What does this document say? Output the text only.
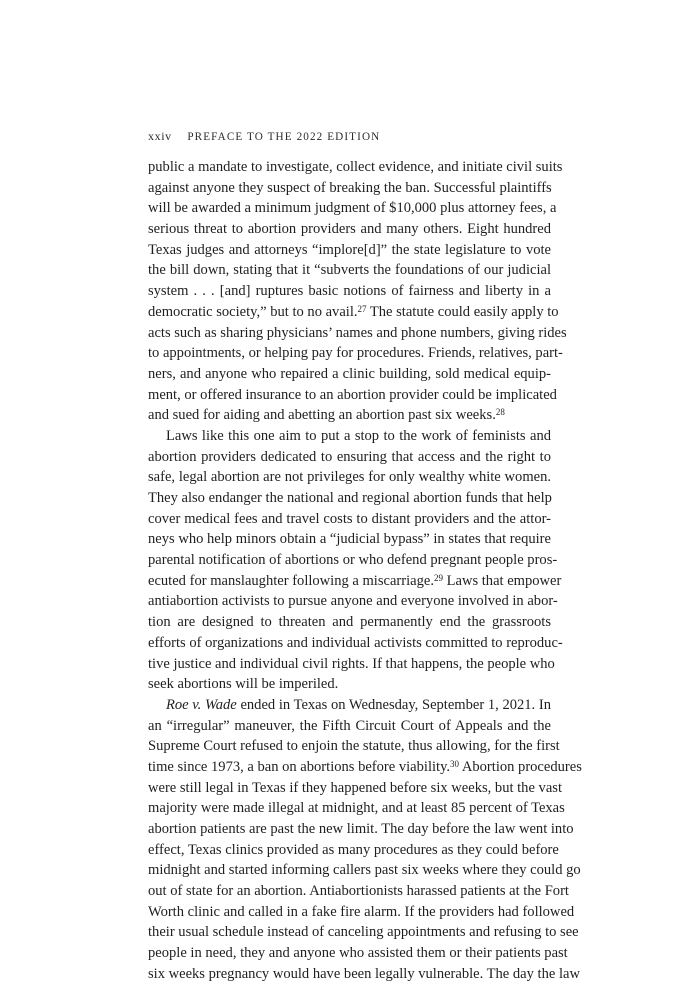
xxiv PREFACE TO THE 2022 EDITION
public a mandate to investigate, collect evidence, and initiate civil suits
against anyone they suspect of breaking the ban. Successful plaintiffs
will be awarded a minimum judgment of $10,000 plus attorney fees, a
serious threat to abortion providers and many others. Eight hundred
Texas judges and attorneys “implore[d]” the state legislature to vote
the bill down, stating that it “subverts the foundations of our judicial
system . . . [and] ruptures basic notions of fairness and liberty in a
democratic society,” but to no avail.$^{27}$ The statute could easily apply to
acts such as sharing physicians’ names and phone numbers, giving rides
to appointments, or helping pay for procedures. Friends, relatives, part-
ners, and anyone who repaired a clinic building, sold medical equip-
ment, or offered insurance to an abortion provider could be implicated
and sued for aiding and abetting an abortion past six weeks.$^{28}$
Laws like this one aim to put a stop to the work of feminists and
abortion providers dedicated to ensuring that access and the right to
safe, legal abortion are not privileges for only wealthy white women.
They also endanger the national and regional abortion funds that help
cover medical fees and travel costs to distant providers and the attor-
neys who help minors obtain a “judicial bypass” in states that require
parental notification of abortions or who defend pregnant people pros-
ecuted for manslaughter following a miscarriage.$^{29}$ Laws that empower
antiabortion activists to pursue anyone and everyone involved in abor-
tion are designed to threaten and permanently end the grassroots
efforts of organizations and individual activists committed to reproduc-
tive justice and individual civil rights. If that happens, the people who
seek abortions will be imperiled.
Roe v. Wade ended in Texas on Wednesday, September 1, 2021. In
an “irregular” maneuver, the Fifth Circuit Court of Appeals and the
Supreme Court refused to enjoin the statute, thus allowing, for the first
time since 1973, a ban on abortions before viability.$^{30}$ Abortion procedures
were still legal in Texas if they happened before six weeks, but the vast
majority were made illegal at midnight, and at least 85 percent of Texas
abortion patients are past the new limit. The day before the law went into
effect, Texas clinics provided as many procedures as they could before
midnight and started informing callers past six weeks where they could go
out of state for an abortion. Antiabortionists harassed patients at the Fort
Worth clinic and called in a fake fire alarm. If the providers had followed
their usual schedule instead of canceling appointments and refusing to see
people in need, they and anyone who assisted them or their patients past
six weeks pregnancy would have been legally vulnerable. The day the law
